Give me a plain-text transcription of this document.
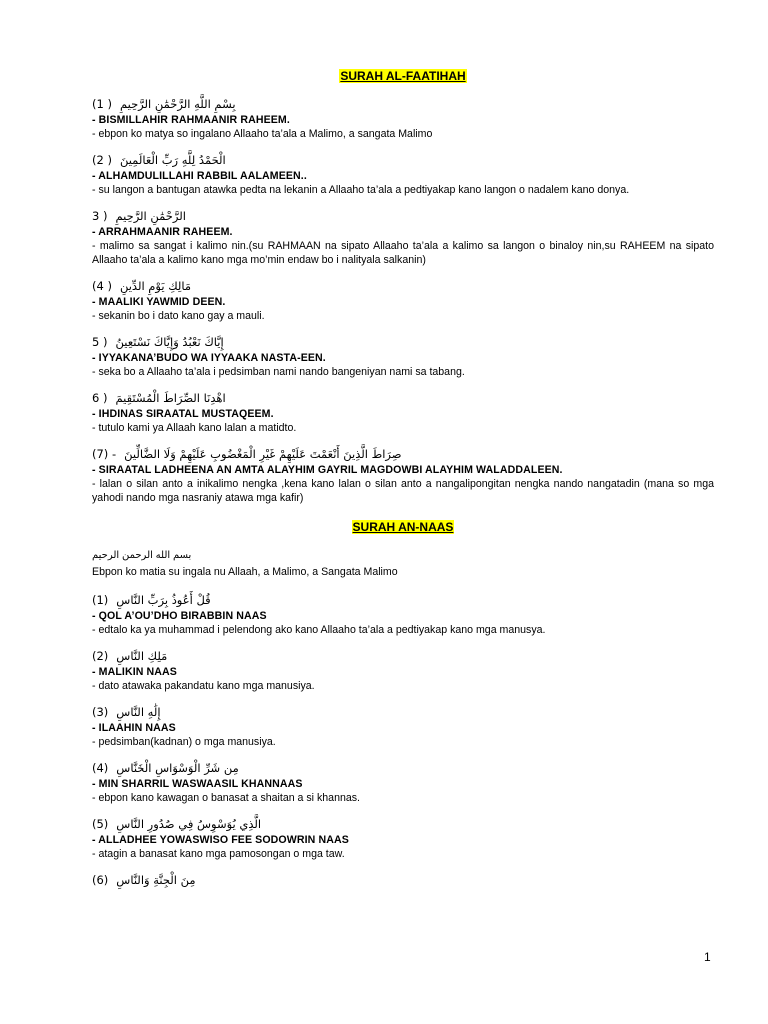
SURAH AL-FAATIHAH
(1 ) بِسْمِ اللَّهِ الرَّحْمَٰنِ الرَّحِيمِ
- BISMILLAHIR RAHMAANIR RAHEEM.
- ebpon ko matya so ingalano Allaaho ta’ala a Malimo, a sangata Malimo
(2 ) الْحَمْدُ لِلَّهِ رَبِّ الْعَالَمِينَ
- ALHAMDULILLAHI RABBIL AALAMEEN..
- su langon a bantugan atawka pedta na lekanin a Allaaho ta’ala a pedtiyakap kano langon o nadalem kano donya.
3 ) الرَّحْمَٰنِ الرَّحِيمِ
- ARRAHMAANIR RAHEEM.
- malimo sa sangat i kalimo nin.(su RAHMAAN na sipato Allaaho ta’ala a kalimo sa langon o binaloy nin,su RAHEEM na sipato Allaaho ta’ala a kalimo kano mga mo’min endaw bo i nalityala salkanin)
(4 ) مَالِكِ يَوْمِ الدِّينِ
- MAALIKI YAWMID DEEN.
- sekanin bo i dato kano gay a mauli.
5 ) إِيَّاكَ نَعْبُدُ وَإِيَّاكَ نَسْتَعِينُ
- IYYAKANA’BUDO WA IYYAAKA NASTA-EEN.
- seka bo a Allaaho ta’ala i pedsimban nami nando bangeniyan nami sa tabang.
6 ) اهْدِنَا الصِّرَاطَ الْمُسْتَقِيمَ
- IHDINAS SIRAATAL MUSTAQEEM.
- tutulo kami ya Allaah kano lalan a matidto.
(7) - صِرَاطَ الَّذِينَ أَنْعَمْتَ عَلَيْهِمْ غَيْرِ الْمَغْضُوبِ عَلَيْهِمْ وَلَا الضَّالِّينَ
- SIRAATAL LADHEENA AN AMTA ALAYHIM GAYRIL MAGDOWBI ALAYHIM WALADDALEEN.
- lalan o silan anto a inikalimo nengka ,kena kano lalan o silan anto a nangalipongitan nengka nando nangatadin (mana so mga yahodi nando mga nasraniy atawa mga kafir)
SURAH AN-NAAS
بسم الله الرحمن الرحيم
Ebpon ko matia su ingala nu Allaah, a Malimo, a Sangata Malimo
(1) قُلْ أَعُوذُ بِرَبِّ النَّاسِ
- QOL A’OU’DHO BIRABBIN NAAS
- edtalo ka ya muhammad i pelendong ako kano Allaaho ta’ala a pedtiyakap kano mga manusya.
(2) مَلِكِ النَّاسِ
- MALIKIN NAAS
- dato atawaka pakandatu kano mga manusiya.
(3) إِلَٰهِ النَّاسِ
- ILAAHIN NAAS
- pedsimban(kadnan) o mga manusiya.
(4) مِن شَرِّ الْوَسْوَاسِ الْخَنَّاسِ
- MIN SHARRIL WASWAASIL KHANNAAS
- ebpon kano kawagan o banasat a shaitan a si khannas.
(5) الَّذِي يُوَسْوِسُ فِي صُدُورِ النَّاسِ
- ALLADHEE YOWASWISO FEE SODOWRIN NAAS
- atagin a banasat kano mga pamosongan o mga taw.
(6) مِنَ الْجِنَّةِ وَالنَّاسِ
1
